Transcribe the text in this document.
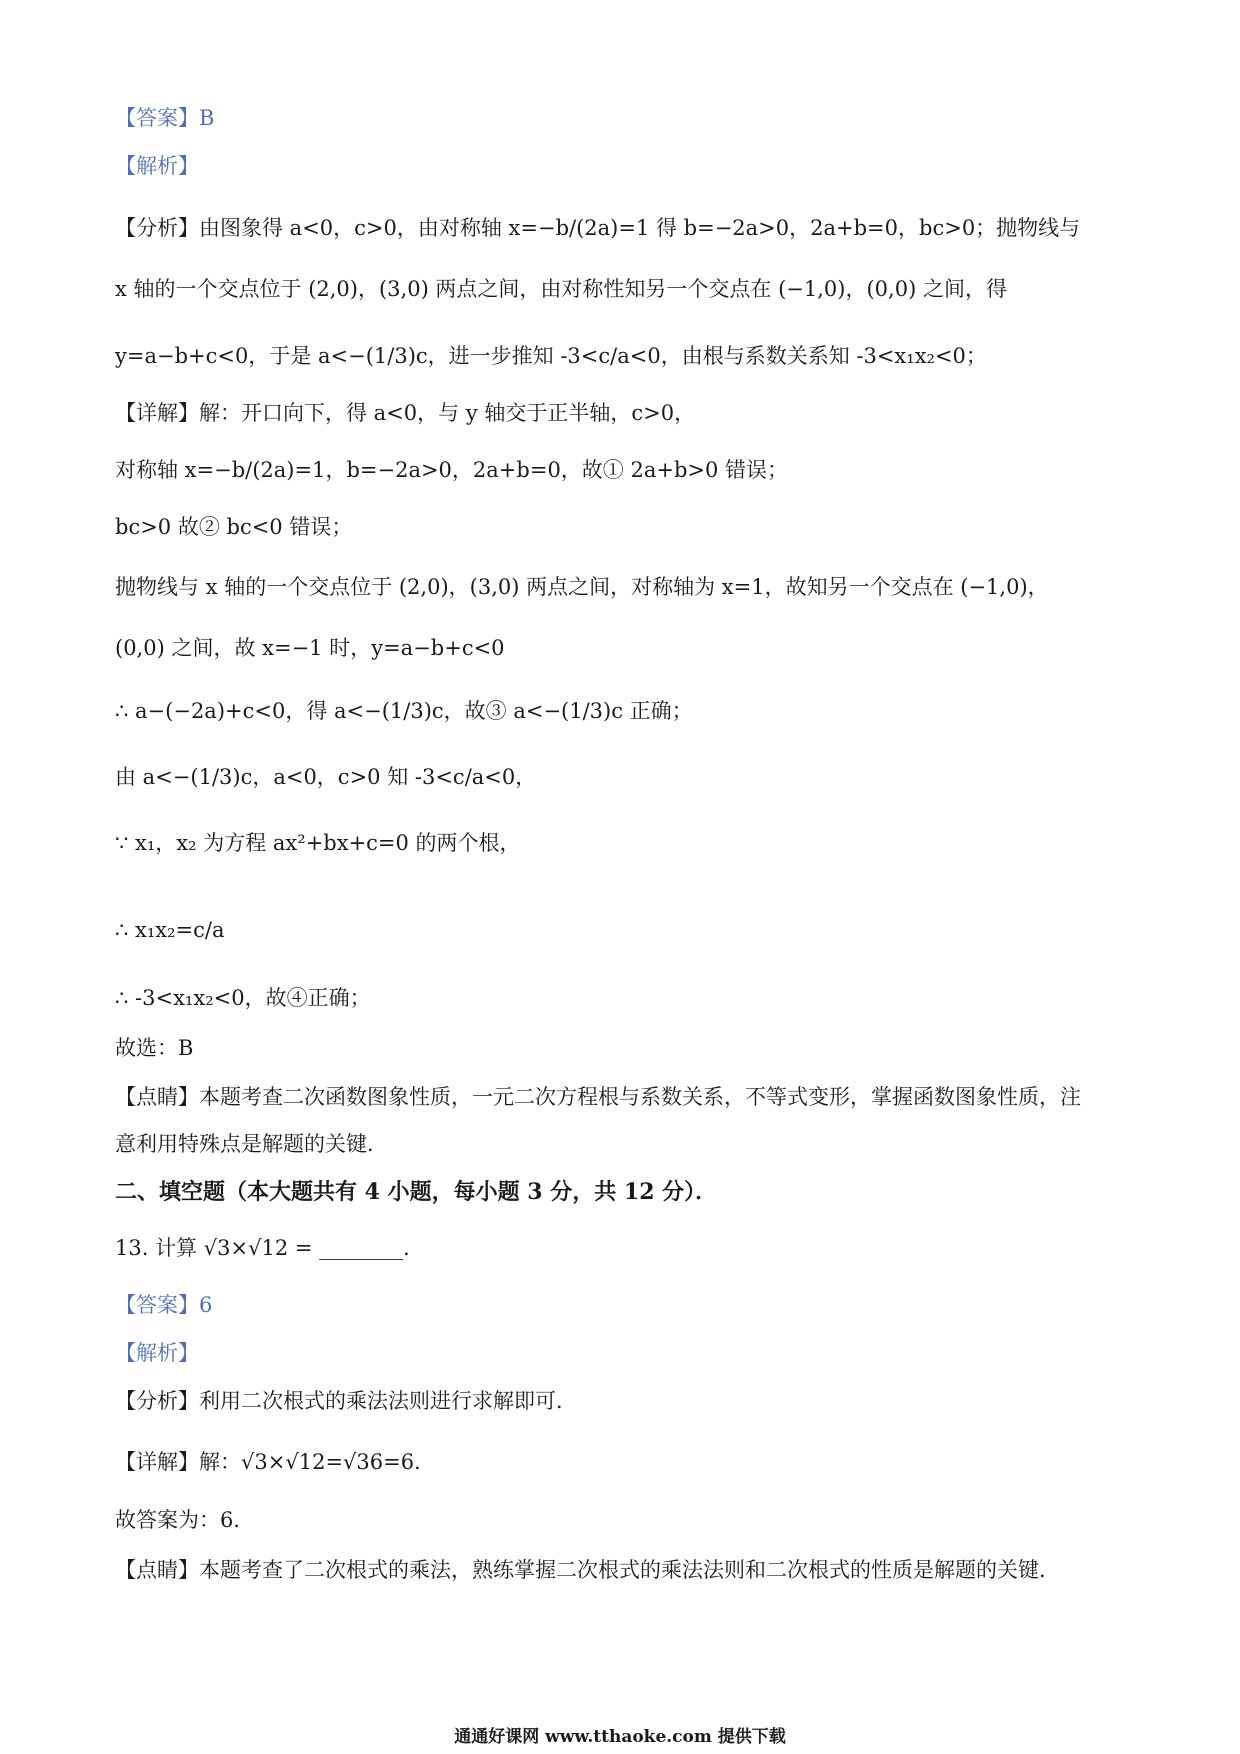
【答案】B
【解析】
【分析】由图象得 a<0，c>0，由对称轴 x=−b/(2a)=1 得 b=−2a>0，2a+b=0，bc>0；抛物线与
x 轴的一个交点位于 (2,0)，(3,0) 两点之间，由对称性知另一个交点在 (−1,0)，(0,0) 之间，得
y=a−b+c<0，于是 a<−(1/3)c，进一步推知 -3<c/a<0，由根与系数关系知 -3<x₁x₂<0；
【详解】解：开口向下，得 a<0，与 y 轴交于正半轴，c>0，
对称轴 x=−b/(2a)=1，b=−2a>0，2a+b=0，故① 2a+b>0 错误；
bc>0 故② bc<0 错误；
抛物线与 x 轴的一个交点位于 (2,0)，(3,0) 两点之间，对称轴为 x=1，故知另一个交点在 (−1,0)，
(0,0) 之间，故 x=−1 时，y=a−b+c<0
∴ a−(−2a)+c<0，得 a<−(1/3)c，故③ a<−(1/3)c 正确；
由 a<−(1/3)c，a<0，c>0 知 -3<c/a<0，
∵ x₁，x₂ 为方程 ax²+bx+c=0 的两个根，
∴ x₁x₂=c/a
∴ -3<x₁x₂<0，故④正确；
故选：B
【点睛】本题考查二次函数图象性质，一元二次方程根与系数关系，不等式变形，掌握函数图象性质，注
意利用特殊点是解题的关键．
二、填空题（本大题共有 4 小题，每小题 3 分，共 12 分）．
13. 计算 √3×√12 = ________．
【答案】6
【解析】
【分析】利用二次根式的乘法法则进行求解即可．
【详解】解：√3×√12=√36=6．
故答案为：6．
【点睛】本题考查了二次根式的乘法，熟练掌握二次根式的乘法法则和二次根式的性质是解题的关键．
通通好课网 www.tthaoke.com 提供下载
